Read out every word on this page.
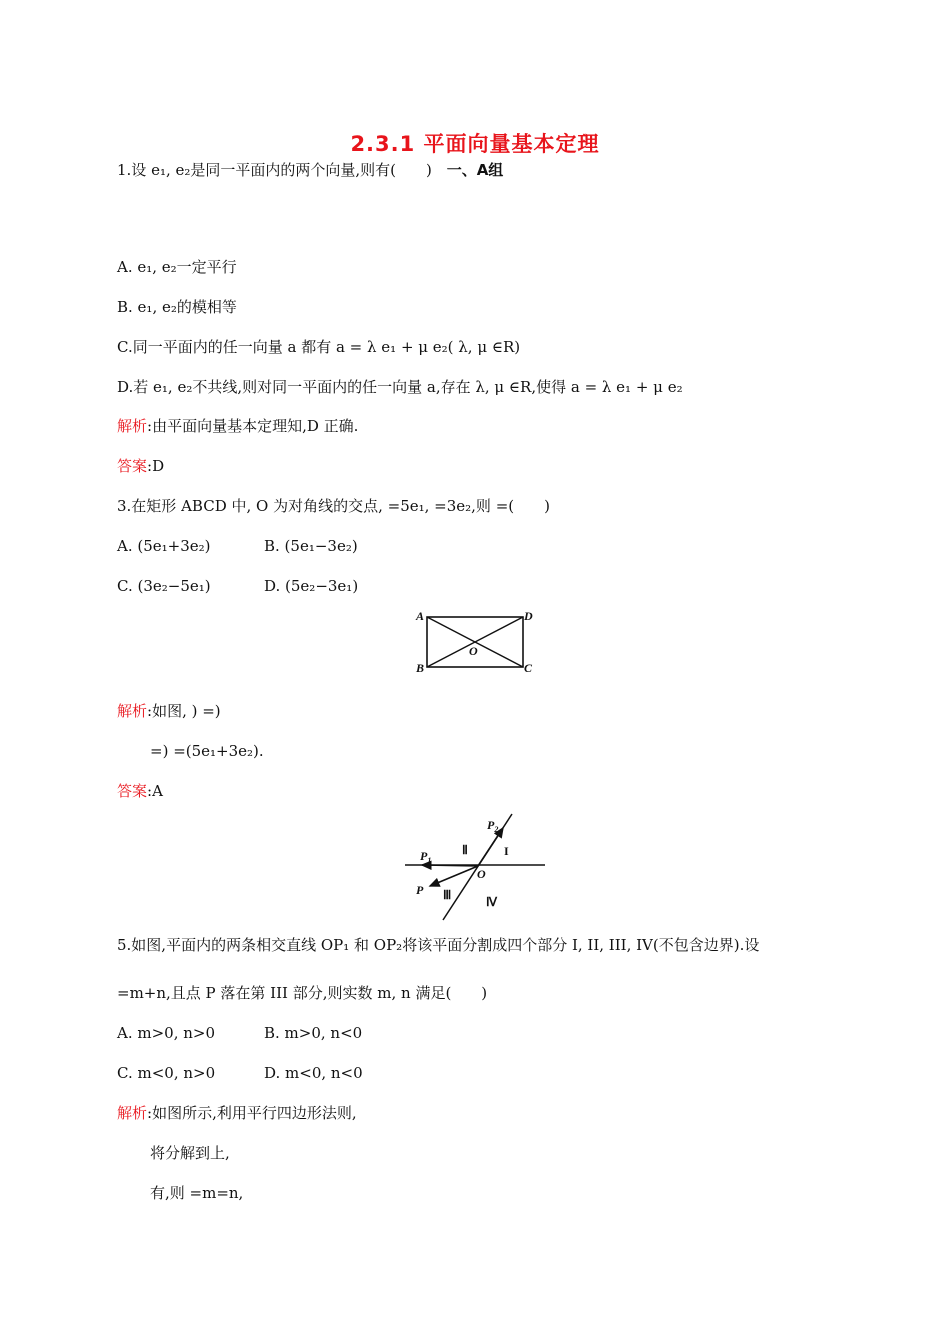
2.3.1 平面向量基本定理
一、A组
1.设 e₁, e₂是同一平面内的两个向量,则有(　　)
A. e₁, e₂一定平行
B. e₁, e₂的模相等
C.同一平面内的任一向量 a 都有 a = λ e₁ + μ e₂( λ, μ ∈R)
D.若 e₁, e₂不共线,则对同一平面内的任一向量 a,存在 λ, μ ∈R,使得 a = λ e₁ + μ e₂
解析:由平面向量基本定理知,D 正确.
答案:D
3.在矩形 ABCD 中, O 为对角线的交点, =5e₁, =3e₂,则 =(　　)
A. (5e₁+3e₂)	B. (5e₁−3e₂)
C. (3e₂−5e₁)	D. (5e₂−3e₁)
A	D
B	C
O
解析:如图, ) =)
=) =(5e₁+3e₂).
答案:A
$P_1$
$P_2$
P
O
I
Ⅱ
Ⅲ	Ⅳ
5.如图,平面内的两条相交直线 OP₁ 和 OP₂将该平面分割成四个部分 I, II, III, IV(不包含边界).设
=m+n,且点 P 落在第 III 部分,则实数 m, n 满足(　　)
A. m>0, n>0	B. m>0, n<0
C. m<0, n>0	D. m<0, n<0
解析:如图所示,利用平行四边形法则,
将分解到上,
有,则 =m=n,
